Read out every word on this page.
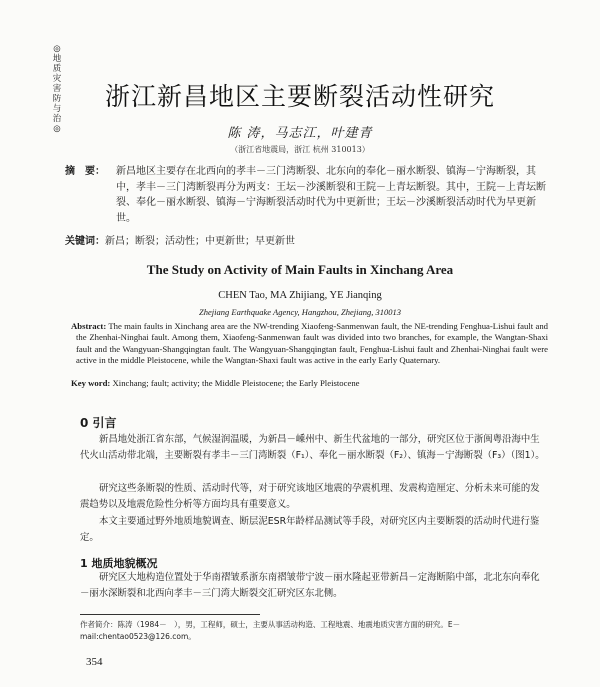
◎
地
质
灾
害
防
与
治
◎
浙江新昌地区主要断裂活动性研究
陈 涛，马志江，叶建青
（浙江省地震局，浙江 杭州 310013）
摘　要：	新昌地区主要存在北西向的孝丰－三门湾断裂、北东向的奉化－丽水断裂、镇海－宁海断裂，其中，孝丰－三门湾断裂再分为两支：王坛－沙溪断裂和王院－上青坛断裂。其中，王院－上青坛断裂、奉化－丽水断裂、镇海－宁海断裂活动时代为中更新世；王坛－沙溪断裂活动时代为早更新世。
关键词：新昌；断裂；活动性；中更新世；早更新世
The Study on Activity of Main Faults in Xinchang Area
CHEN Tao, MA Zhijiang, YE Jianqing
Zhejiang Earthquake Agency, Hangzhou, Zhejiang, 310013
Abstract: The main faults in Xinchang area are the NW-trending Xiaofeng-Sanmenwan fault, the NE-trending Fenghua-Lishui fault and the Zhenhai-Ninghai fault. Among them, Xiaofeng-Sanmenwan fault was divided into two branches, for example, the Wangtan-Shaxi fault and the Wangyuan-Shangqingtan fault. The Wangyuan-Shangqingtan fault, Fenghua-Lishui fault and Zhenhai-Ninghai fault were active in the middle Pleistocene, while the Wangtan-Shaxi fault was active in the early Early Quaternary.
Key word: Xinchang; fault; activity; the Middle Pleistocene; the Early Pleistocene
0 引言
新昌地处浙江省东部，气候湿润温暖，为新昌－嵊州中、新生代盆地的一部分，研究区位于浙闽粤沿海中生代火山活动带北端，主要断裂有孝丰－三门湾断裂（F₁）、奉化－丽水断裂（F₂）、镇海－宁海断裂（F₃）（图1）。
研究这些条断裂的性质、活动时代等，对于研究该地区地震的孕震机理、发震构造厘定、分析未来可能的发震趋势以及地震危险性分析等方面均具有重要意义。
本文主要通过野外地质地貌调查、断层泥ESR年龄样品测试等手段，对研究区内主要断裂的活动时代进行鉴定。
1 地质地貌概况
研究区大地构造位置处于华南褶皱系浙东南褶皱带宁波－丽水隆起亚带新昌－定海断陷中部，北北东向奉化－丽水深断裂和北西向孝丰－三门湾大断裂交汇研究区东北侧。
作者简介：陈涛（1984－　），男，工程师，硕士，主要从事活动构造、工程地震、地震地质灾害方面的研究。E－mail:chentao0523@126.com。
354
